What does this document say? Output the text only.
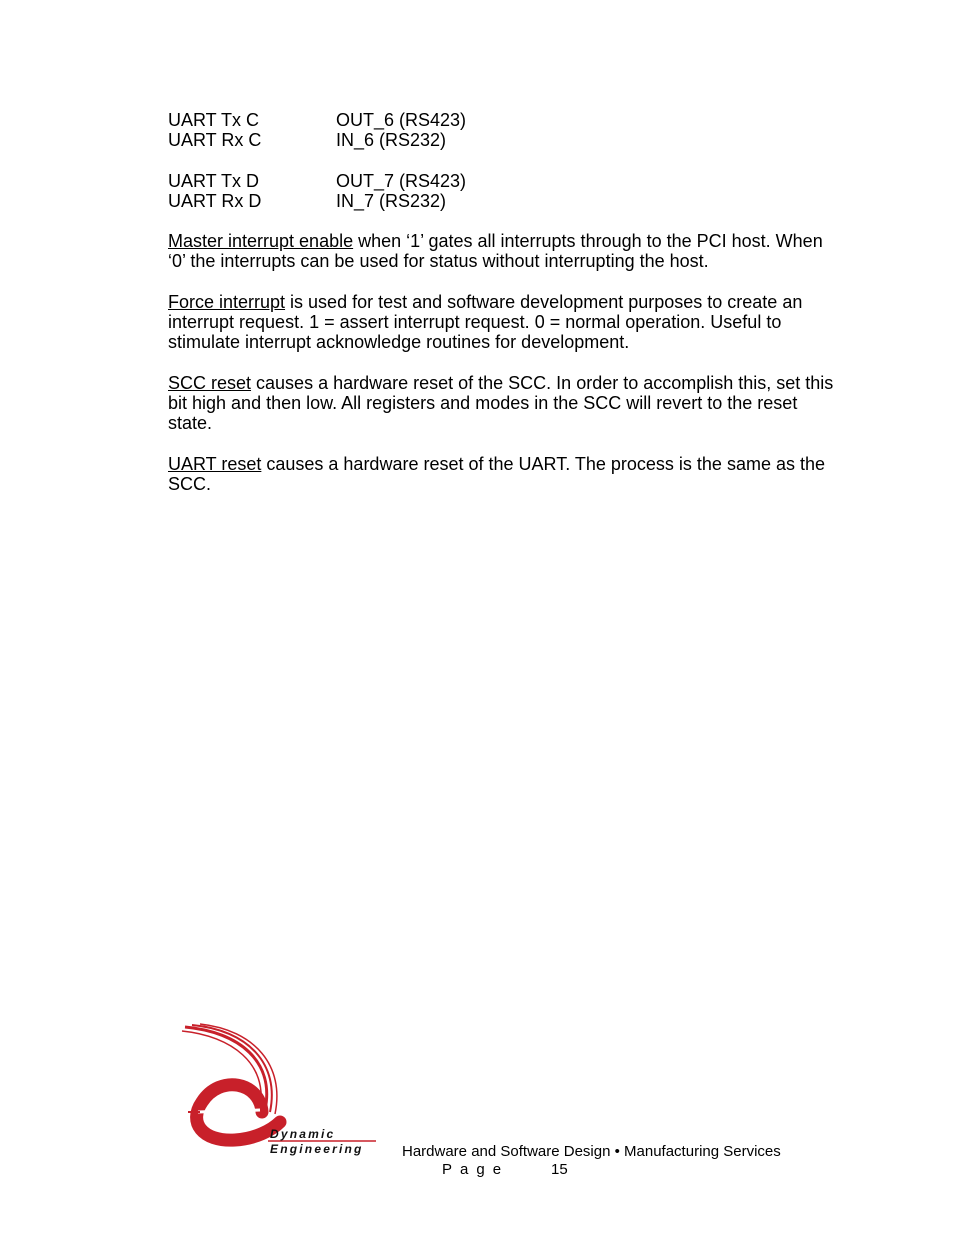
UART Tx C	OUT_6 (RS423)
UART Rx C	IN_6 (RS232)
UART Tx D	OUT_7 (RS423)
UART Rx D	IN_7 (RS232)

Master interrupt enable when ‘1’ gates all interrupts through to the PCI host. When ‘0’ the interrupts can be used for status without interrupting the host.

Force interrupt is used for test and software development purposes to create an interrupt request. 1 = assert interrupt request. 0 = normal operation. Useful to stimulate interrupt acknowledge routines for development.

SCC reset causes a hardware reset of the SCC. In order to accomplish this, set this bit high and then low. All registers and modes in the SCC will revert to the reset state.

UART reset causes a hardware reset of the UART. The process is the same as the SCC.

Dynamic
Engineering	Hardware and Software Design • Manufacturing Services
Page	15
